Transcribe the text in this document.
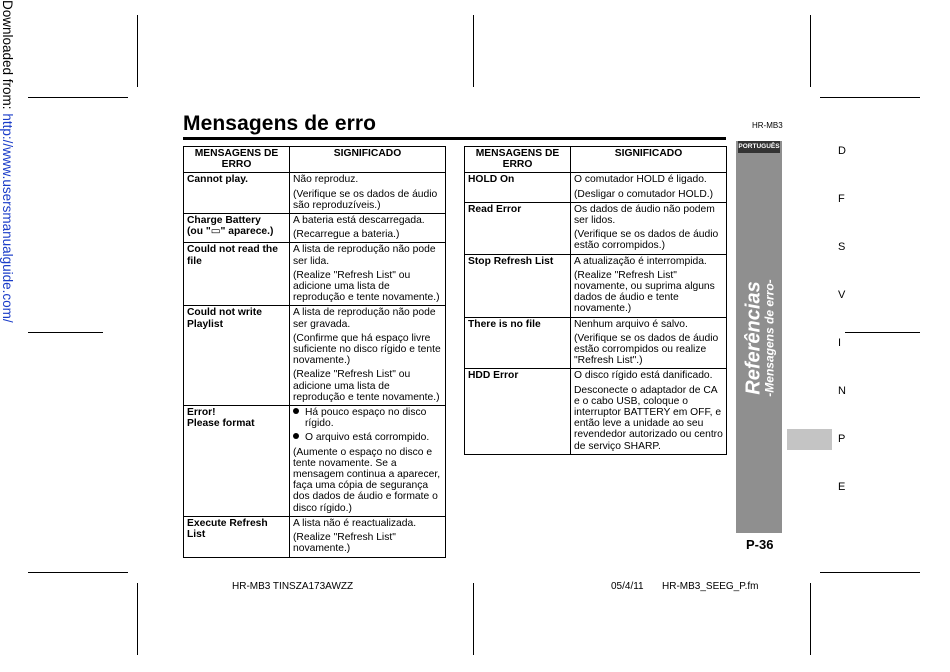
Downloaded from: http://www.usersmanualguide.com/	Mensagens de erro	HR-MB3
MENSAGENS DE ERRO	SIGNIFICADO

Cannot play.	Não reproduz.
(Verifique se os dados de áudio são reproduzíveis.)

Charge Battery
(ou "▭" aparece.)	A bateria está descarregada.
(Recarregue a bateria.)

Could not read the file	A lista de reprodução não pode ser lida.
(Realize "Refresh List" ou adicione uma lista de reprodução e tente novamente.)

Could not write Playlist	A lista de reprodução não pode ser gravada.
(Confirme que há espaço livre suficiente no disco rígido e tente novamente.)
(Realize "Refresh List" ou adicione uma lista de reprodução e tente novamente.)

Error!
Please format	Há pouco espaço no disco rígido.
O arquivo está corrompido.
(Aumente o espaço no disco e tente novamente. Se a mensagem continua a aparecer, faça uma cópia de segurança dos dados de áudio e formate o disco rígido.)

Execute Refresh List	A lista não é reactualizada.
(Realize "Refresh List" novamente.)
MENSAGENS DE ERRO	SIGNIFICADO

HOLD On	O comutador HOLD é ligado.
(Desligar o comutador HOLD.)

Read Error	Os dados de áudio não podem ser lidos.
(Verifique se os dados de áudio estão corrompidos.)

Stop Refresh List	A atualização é interrompida.
(Realize "Refresh List" novamente, ou suprima alguns dados de áudio e tente novamente.)

There is no file	Nenhum arquivo é salvo.
(Verifique se os dados de áudio estão corrompidos ou realize "Refresh List".)

HDD Error	O disco rígido está danificado.
Desconecte o adaptador de CA e o cabo USB, coloque o interruptor BATTERY em OFF, e então leve a unidade ao seu revendedor autorizado ou centro de serviço SHARP.
PORTUGUÊS
Referências
-Mensagens de erro-
P-36
D
F
S
V
I
N
P
E
HR-MB3 TINSZA173AWZZ	05/4/11 HR-MB3_SEEG_P.fm
